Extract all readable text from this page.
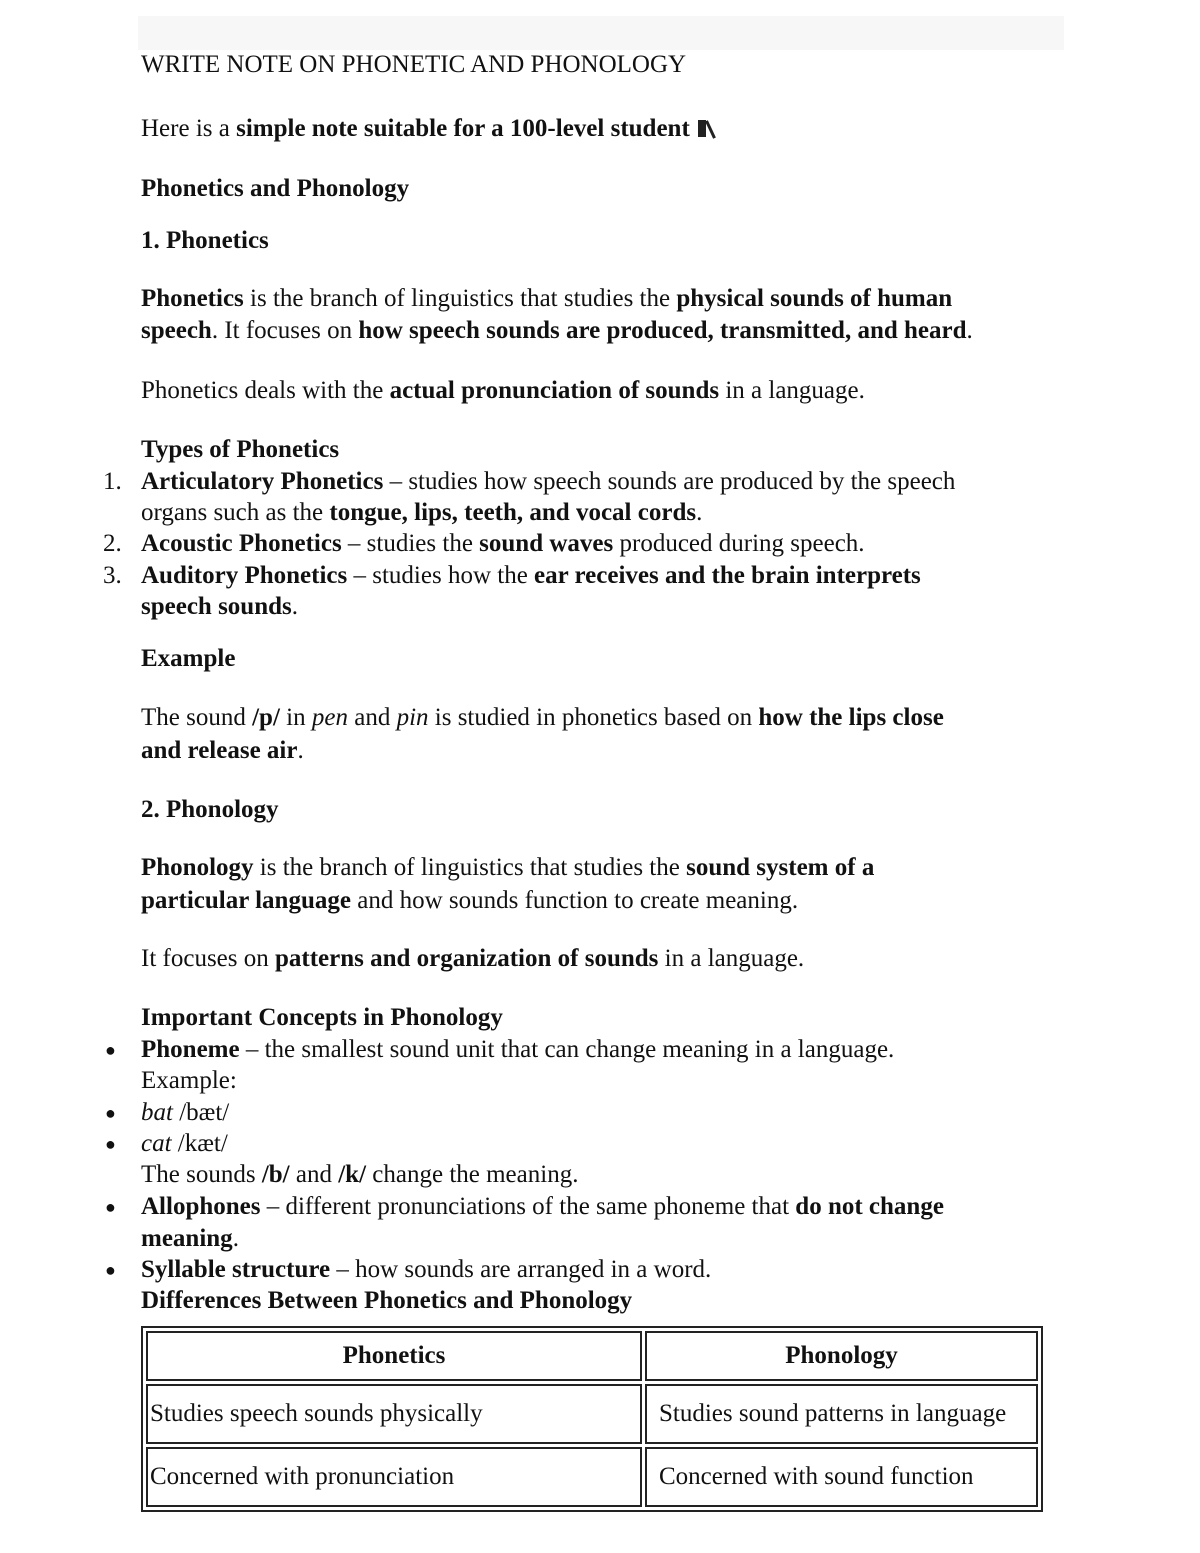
WRITE NOTE ON PHONETIC AND PHONOLOGY
Here is a simple note suitable for a 100-level student
Phonetics and Phonology
1. Phonetics
Phonetics is the branch of linguistics that studies the physical sounds of human
speech. It focuses on how speech sounds are produced, transmitted, and heard.
Phonetics deals with the actual pronunciation of sounds in a language.
Types of Phonetics
1. Articulatory Phonetics – studies how speech sounds are produced by the speech
organs such as the tongue, lips, teeth, and vocal cords.
2. Acoustic Phonetics – studies the sound waves produced during speech.
3. Auditory Phonetics – studies how the ear receives and the brain interprets
speech sounds.
Example
The sound /p/ in pen and pin is studied in phonetics based on how the lips close
and release air.
2. Phonology
Phonology is the branch of linguistics that studies the sound system of a
particular language and how sounds function to create meaning.
It focuses on patterns and organization of sounds in a language.
Important Concepts in Phonology
● Phoneme – the smallest sound unit that can change meaning in a language.
Example:
● bat /bæt/
● cat /kæt/
The sounds /b/ and /k/ change the meaning.
● Allophones – different pronunciations of the same phoneme that do not change
meaning.
● Syllable structure – how sounds are arranged in a word.
Differences Between Phonetics and Phonology
Phonetics	Phonology
Studies speech sounds physically	Studies sound patterns in language
Concerned with pronunciation	Concerned with sound function
